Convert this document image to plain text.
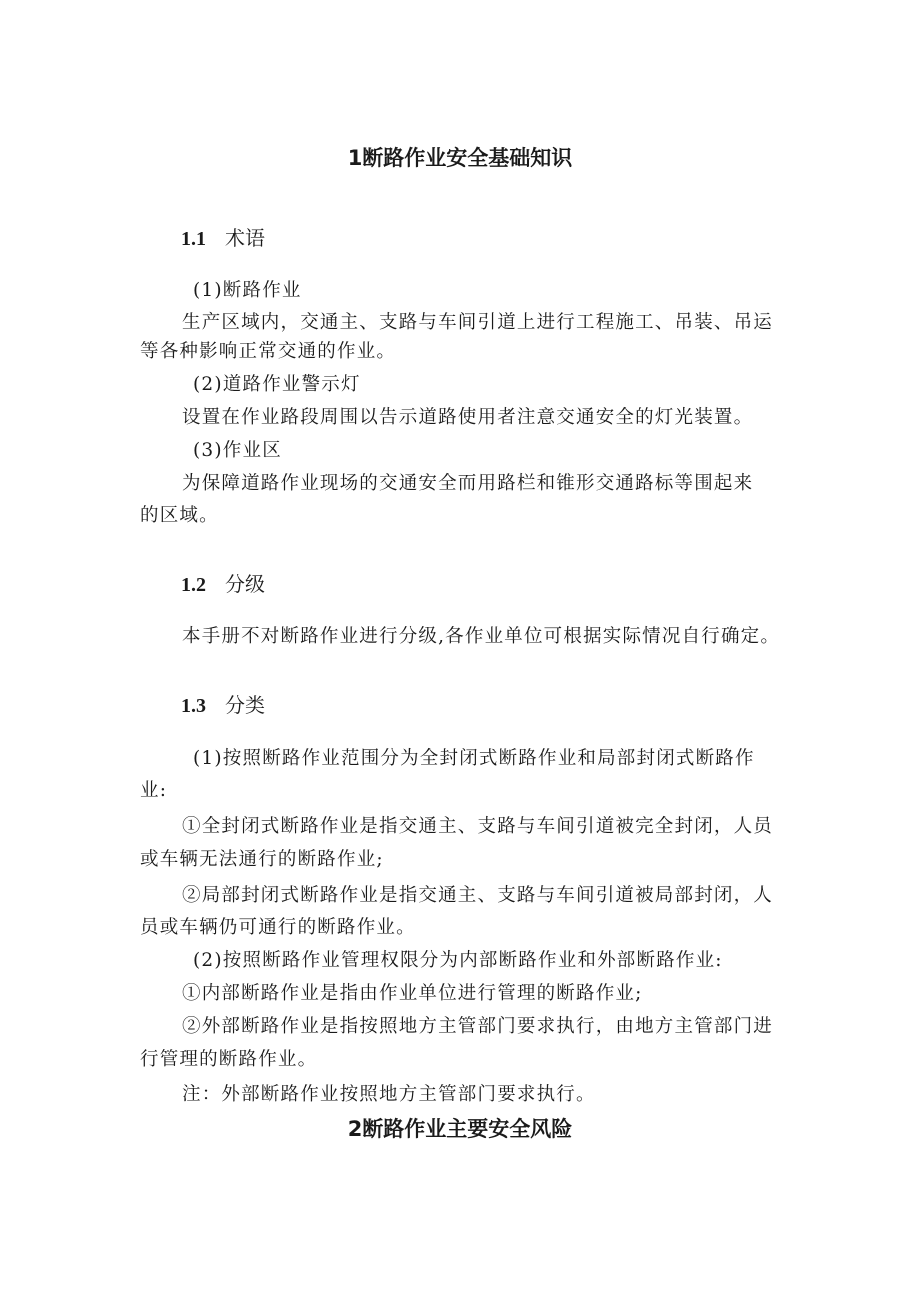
1断路作业安全基础知识
1.1 术语
(1)断路作业
生产区域内，交通主、支路与车间引道上进行工程施工、吊装、吊运
等各种影响正常交通的作业。
(2)道路作业警示灯
设置在作业路段周围以告示道路使用者注意交通安全的灯光装置。
(3)作业区
为保障道路作业现场的交通安全而用路栏和锥形交通路标等围起来
的区域。
1.2 分级
本手册不对断路作业进行分级,各作业单位可根据实际情况自行确定。
1.3 分类
(1)按照断路作业范围分为全封闭式断路作业和局部封闭式断路作
业:
①全封闭式断路作业是指交通主、支路与车间引道被完全封闭，人员
或车辆无法通行的断路作业;
②局部封闭式断路作业是指交通主、支路与车间引道被局部封闭，人
员或车辆仍可通行的断路作业。
(2)按照断路作业管理权限分为内部断路作业和外部断路作业:
①内部断路作业是指由作业单位进行管理的断路作业;
②外部断路作业是指按照地方主管部门要求执行，由地方主管部门进
行管理的断路作业。
注：外部断路作业按照地方主管部门要求执行。
2断路作业主要安全风险
